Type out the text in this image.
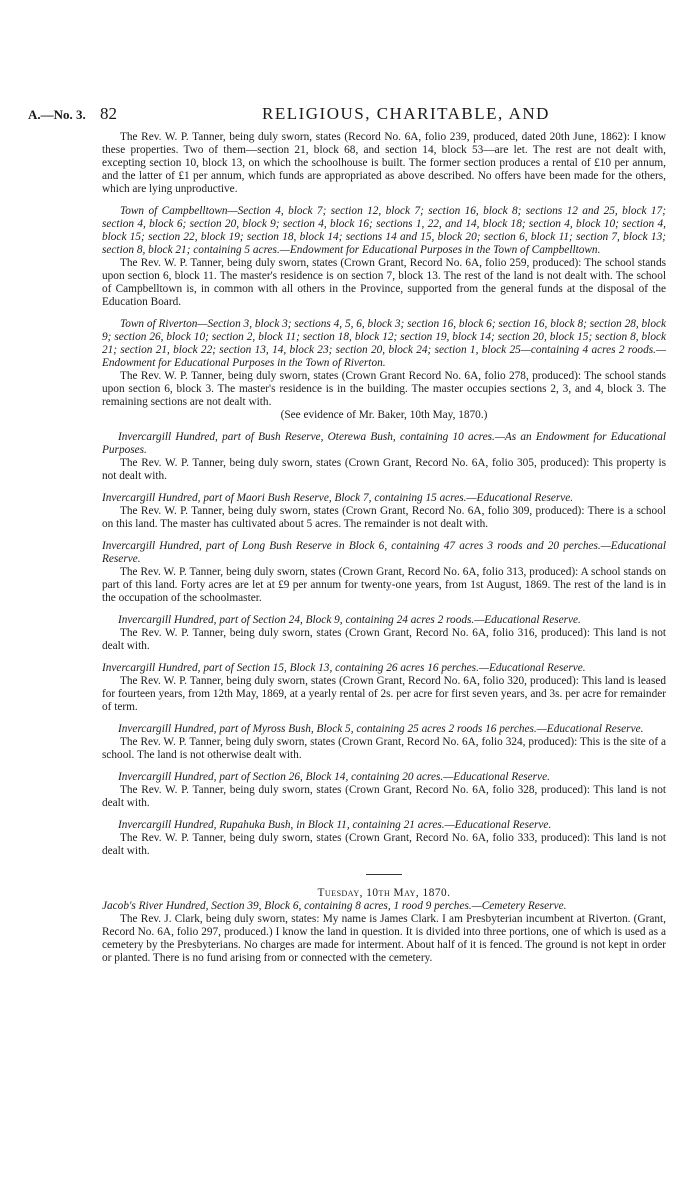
A.—No. 3. 82	RELIGIOUS, CHARITABLE, AND

The Rev. W. P. Tanner, being duly sworn, states (Record No. 6A, folio 239, produced, dated 20th June, 1862): I know these properties. Two of them—section 21, block 68, and section 14, block 53—are let. The rest are not dealt with, excepting section 10, block 13, on which the schoolhouse is built. The former section produces a rental of £10 per annum, and the latter of £1 per annum, which funds are appropriated as above described. No offers have been made for the others, which are lying unproductive.

Town of Campbelltown—Section 4, block 7; section 12, block 7; section 16, block 8; sections 12 and 25, block 17; section 4, block 6; section 20, block 9; section 4, block 16; sections 1, 22, and 14, block 18; section 4, block 10; section 4, block 15; section 22, block 19; section 18, block 14; sections 14 and 15, block 20; section 6, block 11; section 7, block 13; section 8, block 21; containing 5 acres.—Endowment for Educational Purposes in the Town of Campbelltown.

The Rev. W. P. Tanner, being duly sworn, states (Crown Grant, Record No. 6A, folio 259, produced): The school stands upon section 6, block 11. The master's residence is on section 7, block 13. The rest of the land is not dealt with. The school of Campbelltown is, in common with all others in the Province, supported from the general funds at the disposal of the Education Board.

Town of Riverton—Section 3, block 3; sections 4, 5, 6, block 3; section 16, block 6; section 16, block 8; section 28, block 9; section 26, block 10; section 2, block 11; section 18, block 12; section 19, block 14; section 20, block 15; section 8, block 21; section 21, block 22; section 13, 14, block 23; section 20, block 24; section 1, block 25—containing 4 acres 2 roods.—Endowment for Educational Purposes in the Town of Riverton.

The Rev. W. P. Tanner, being duly sworn, states (Crown Grant Record No. 6A, folio 278, produced): The school stands upon section 6, block 3. The master's residence is in the building. The master occupies sections 2, 3, and 4, block 3. The remaining sections are not dealt with.

(See evidence of Mr. Baker, 10th May, 1870.)

Invercargill Hundred, part of Bush Reserve, Oterewa Bush, containing 10 acres.—As an Endowment for Educational Purposes.

The Rev. W. P. Tanner, being duly sworn, states (Crown Grant, Record No. 6A, folio 305, produced): This property is not dealt with.

Invercargill Hundred, part of Maori Bush Reserve, Block 7, containing 15 acres.—Educational Reserve.

The Rev. W. P. Tanner, being duly sworn, states (Crown Grant, Record No. 6A, folio 309, produced): There is a school on this land. The master has cultivated about 5 acres. The remainder is not dealt with.

Invercargill Hundred, part of Long Bush Reserve in Block 6, containing 47 acres 3 roods and 20 perches.—Educational Reserve.

The Rev. W. P. Tanner, being duly sworn, states (Crown Grant, Record No. 6A, folio 313, produced): A school stands on part of this land. Forty acres are let at £9 per annum for twenty-one years, from 1st August, 1869. The rest of the land is in the occupation of the schoolmaster.

Invercargill Hundred, part of Section 24, Block 9, containing 24 acres 2 roods.—Educational Reserve.

The Rev. W. P. Tanner, being duly sworn, states (Crown Grant, Record No. 6A, folio 316, produced): This land is not dealt with.

Invercargill Hundred, part of Section 15, Block 13, containing 26 acres 16 perches.—Educational Reserve.

The Rev. W. P. Tanner, being duly sworn, states (Crown Grant, Record No. 6A, folio 320, produced): This land is leased for fourteen years, from 12th May, 1869, at a yearly rental of 2s. per acre for first seven years, and 3s. per acre for remainder of term.

Invercargill Hundred, part of Myross Bush, Block 5, containing 25 acres 2 roods 16 perches.—Educational Reserve.

The Rev. W. P. Tanner, being duly sworn, states (Crown Grant, Record No. 6A, folio 324, produced): This is the site of a school. The land is not otherwise dealt with.

Invercargill Hundred, part of Section 26, Block 14, containing 20 acres.—Educational Reserve.

The Rev. W. P. Tanner, being duly sworn, states (Crown Grant, Record No. 6A, folio 328, produced): This land is not dealt with.

Invercargill Hundred, Rupahuka Bush, in Block 11, containing 21 acres.—Educational Reserve.

The Rev. W. P. Tanner, being duly sworn, states (Crown Grant, Record No. 6A, folio 333, produced): This land is not dealt with.

Tuesday, 10th May, 1870.

Jacob's River Hundred, Section 39, Block 6, containing 8 acres, 1 rood 9 perches.—Cemetery Reserve.

The Rev. J. Clark, being duly sworn, states: My name is James Clark. I am Presbyterian incumbent at Riverton. (Grant, Record No. 6A, folio 297, produced.) I know the land in question. It is divided into three portions, one of which is used as a cemetery by the Presbyterians. No charges are made for interment. About half of it is fenced. The ground is not kept in order or planted. There is no fund arising from or connected with the cemetery.
